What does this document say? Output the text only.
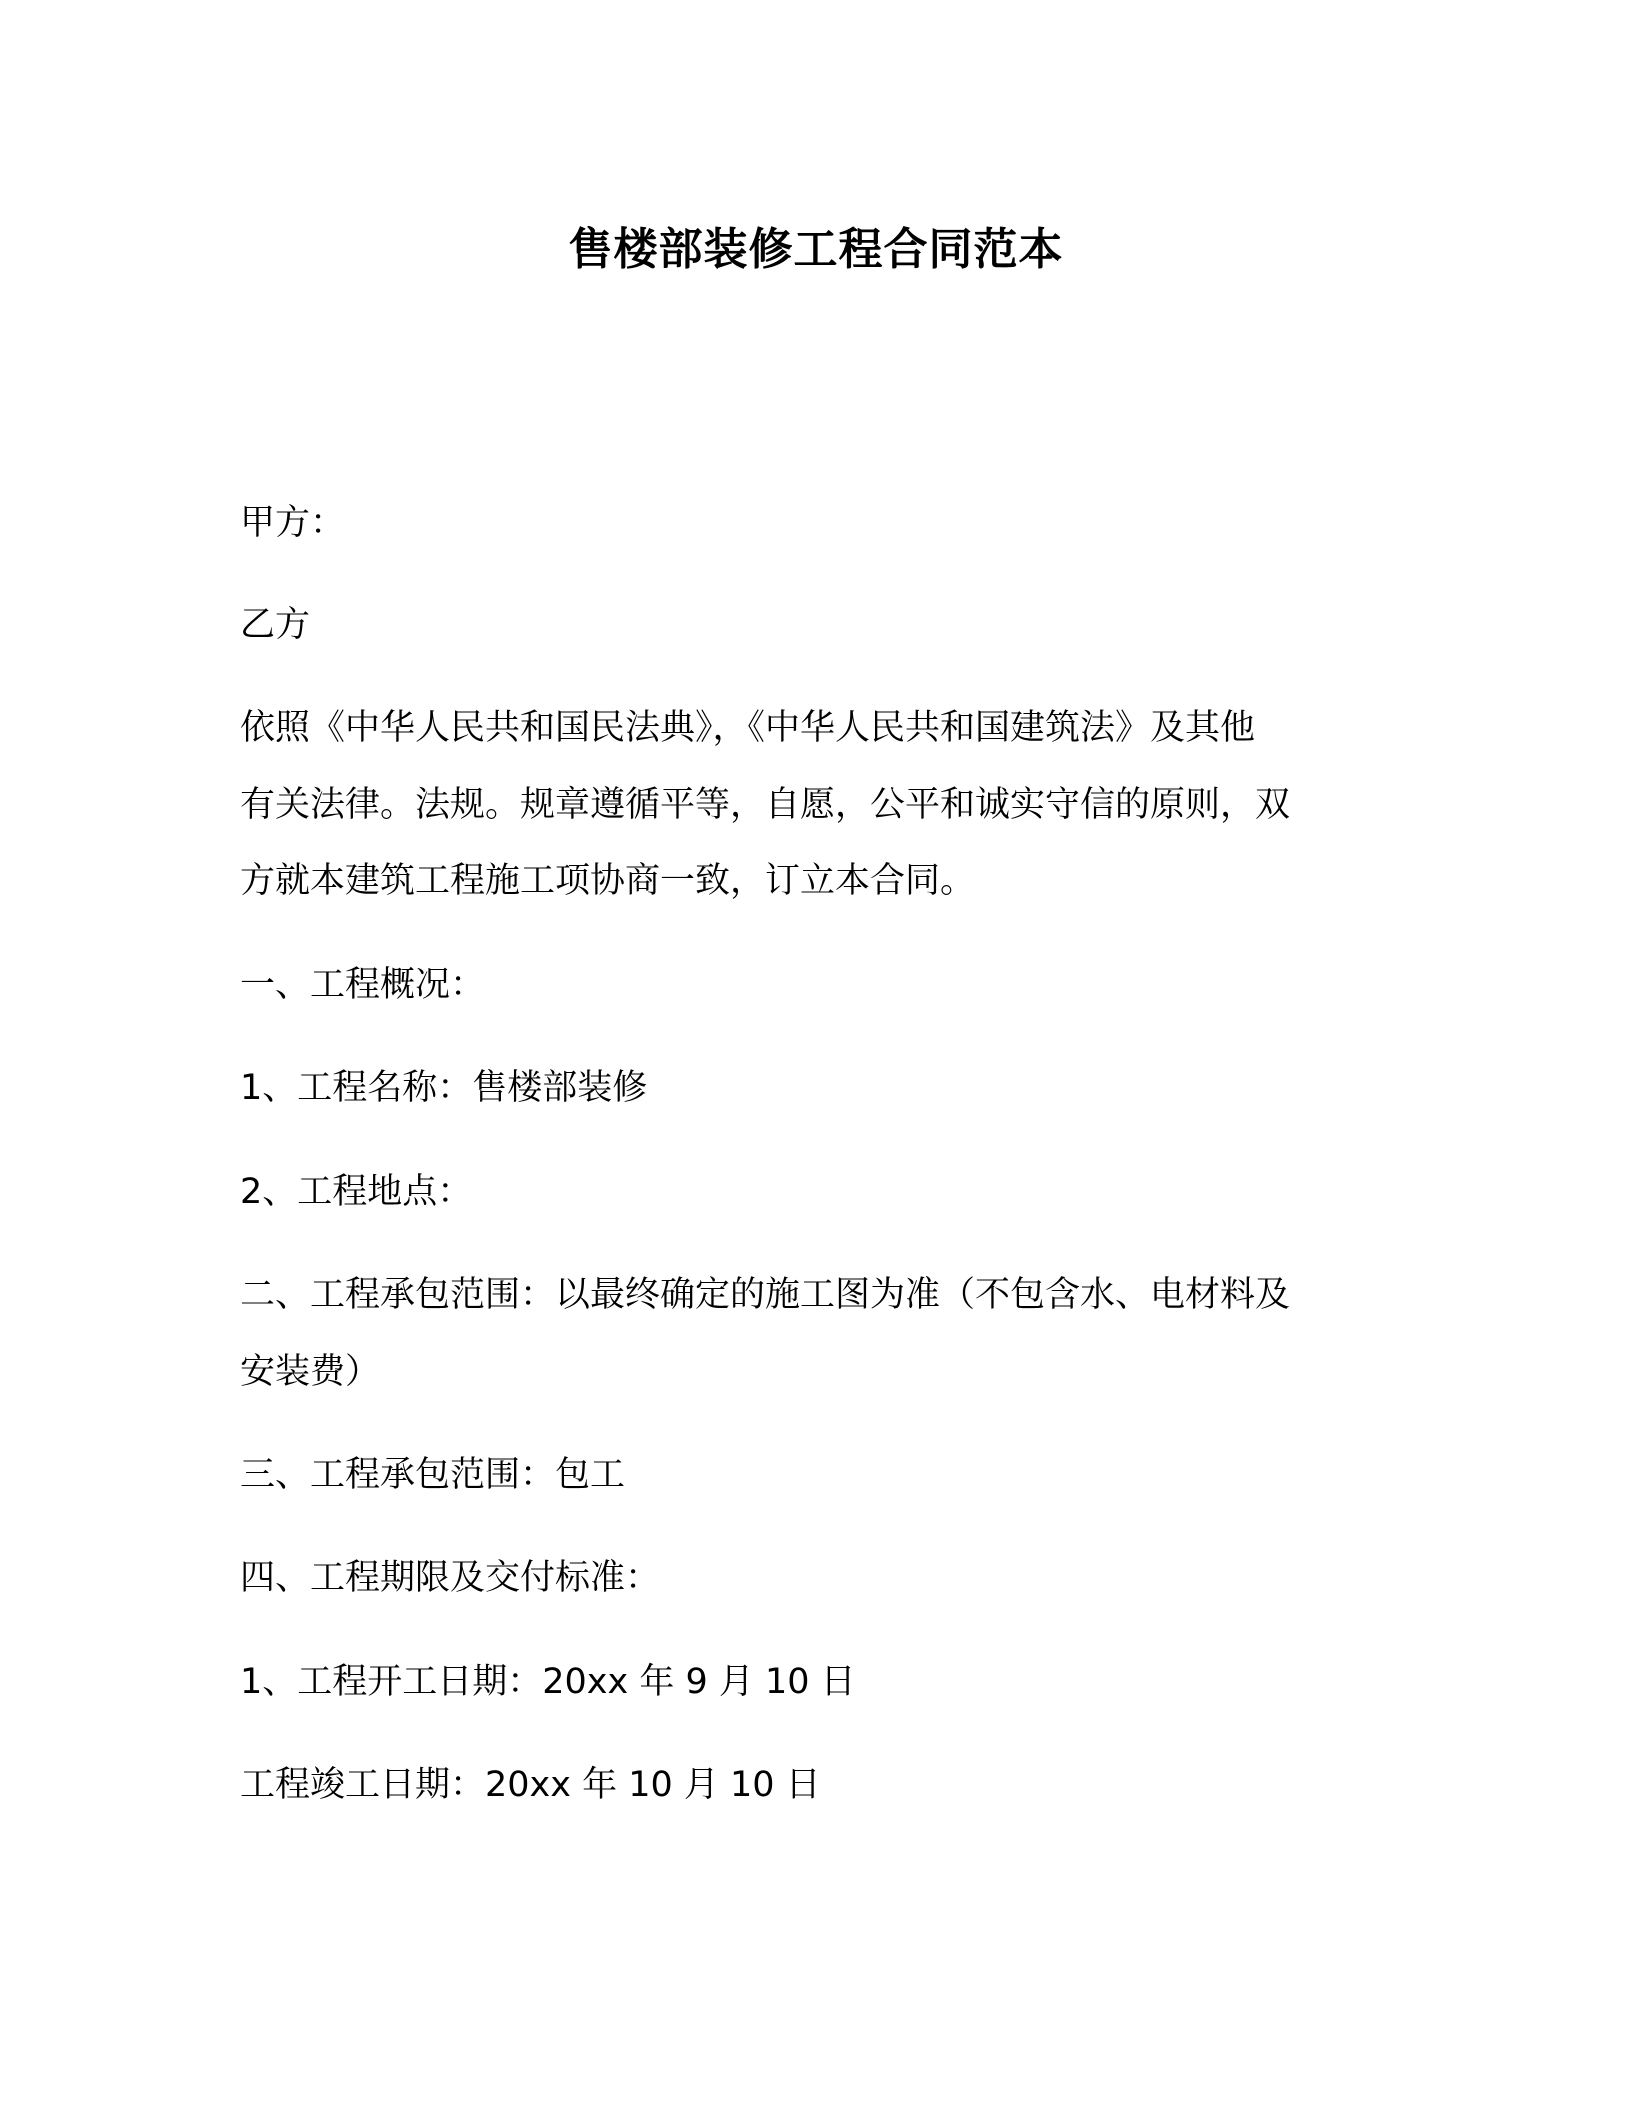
售楼部装修工程合同范本
甲方：
乙方
依照《中华人民共和国民法典》，《中华人民共和国建筑法》及其他
有关法律。法规。规章遵循平等，自愿，公平和诚实守信的原则，双
方就本建筑工程施工项协商一致，订立本合同。
一、工程概况：
1、工程名称：售楼部装修
2、工程地点：
二、工程承包范围：以最终确定的施工图为准（不包含水、电材料及
安装费）
三、工程承包范围：包工
四、工程期限及交付标准：
1、工程开工日期：20xx 年 9 月 10 日
工程竣工日期：20xx 年 10 月 10 日
